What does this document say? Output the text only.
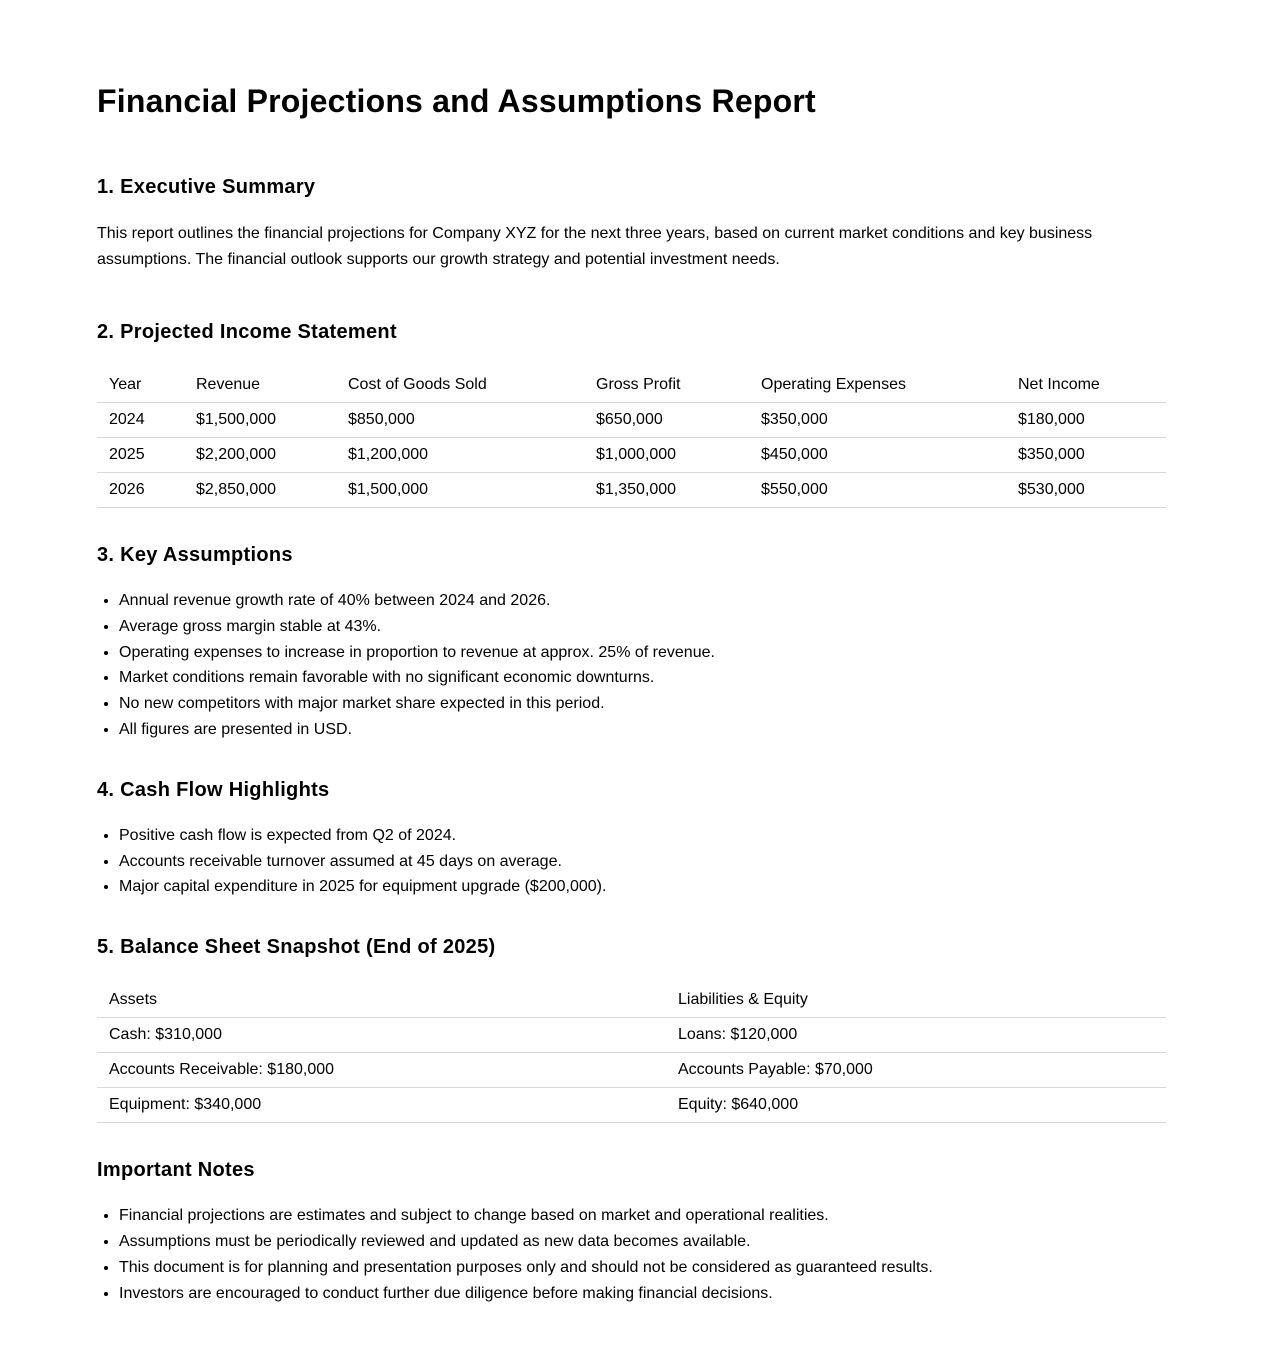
Financial Projections and Assumptions Report
1. Executive Summary

This report outlines the financial projections for Company XYZ for the next three years, based on current market conditions and key business assumptions. The financial outlook supports our growth strategy and potential investment needs.

2. Projected Income Statement
Year	Revenue	Cost of Goods Sold	Gross Profit	Operating Expenses	Net Income
2024	$1,500,000	$850,000	$650,000	$350,000	$180,000
2025	$2,200,000	$1,200,000	$1,000,000	$450,000	$350,000
2026	$2,850,000	$1,500,000	$1,350,000	$550,000	$530,000
3. Key Assumptions
• Annual revenue growth rate of 40% between 2024 and 2026.
• Average gross margin stable at 43%.
• Operating expenses to increase in proportion to revenue at approx. 25% of revenue.
• Market conditions remain favorable with no significant economic downturns.
• No new competitors with major market share expected in this period.
• All figures are presented in USD.
4. Cash Flow Highlights
• Positive cash flow is expected from Q2 of 2024.
• Accounts receivable turnover assumed at 45 days on average.
• Major capital expenditure in 2025 for equipment upgrade ($200,000).
5. Balance Sheet Snapshot (End of 2025)
Assets	Liabilities & Equity
Cash: $310,000	Loans: $120,000
Accounts Receivable: $180,000	Accounts Payable: $70,000
Equipment: $340,000	Equity: $640,000
Important Notes
• Financial projections are estimates and subject to change based on market and operational realities.
• Assumptions must be periodically reviewed and updated as new data becomes available.
• This document is for planning and presentation purposes only and should not be considered as guaranteed results.
• Investors are encouraged to conduct further due diligence before making financial decisions.
